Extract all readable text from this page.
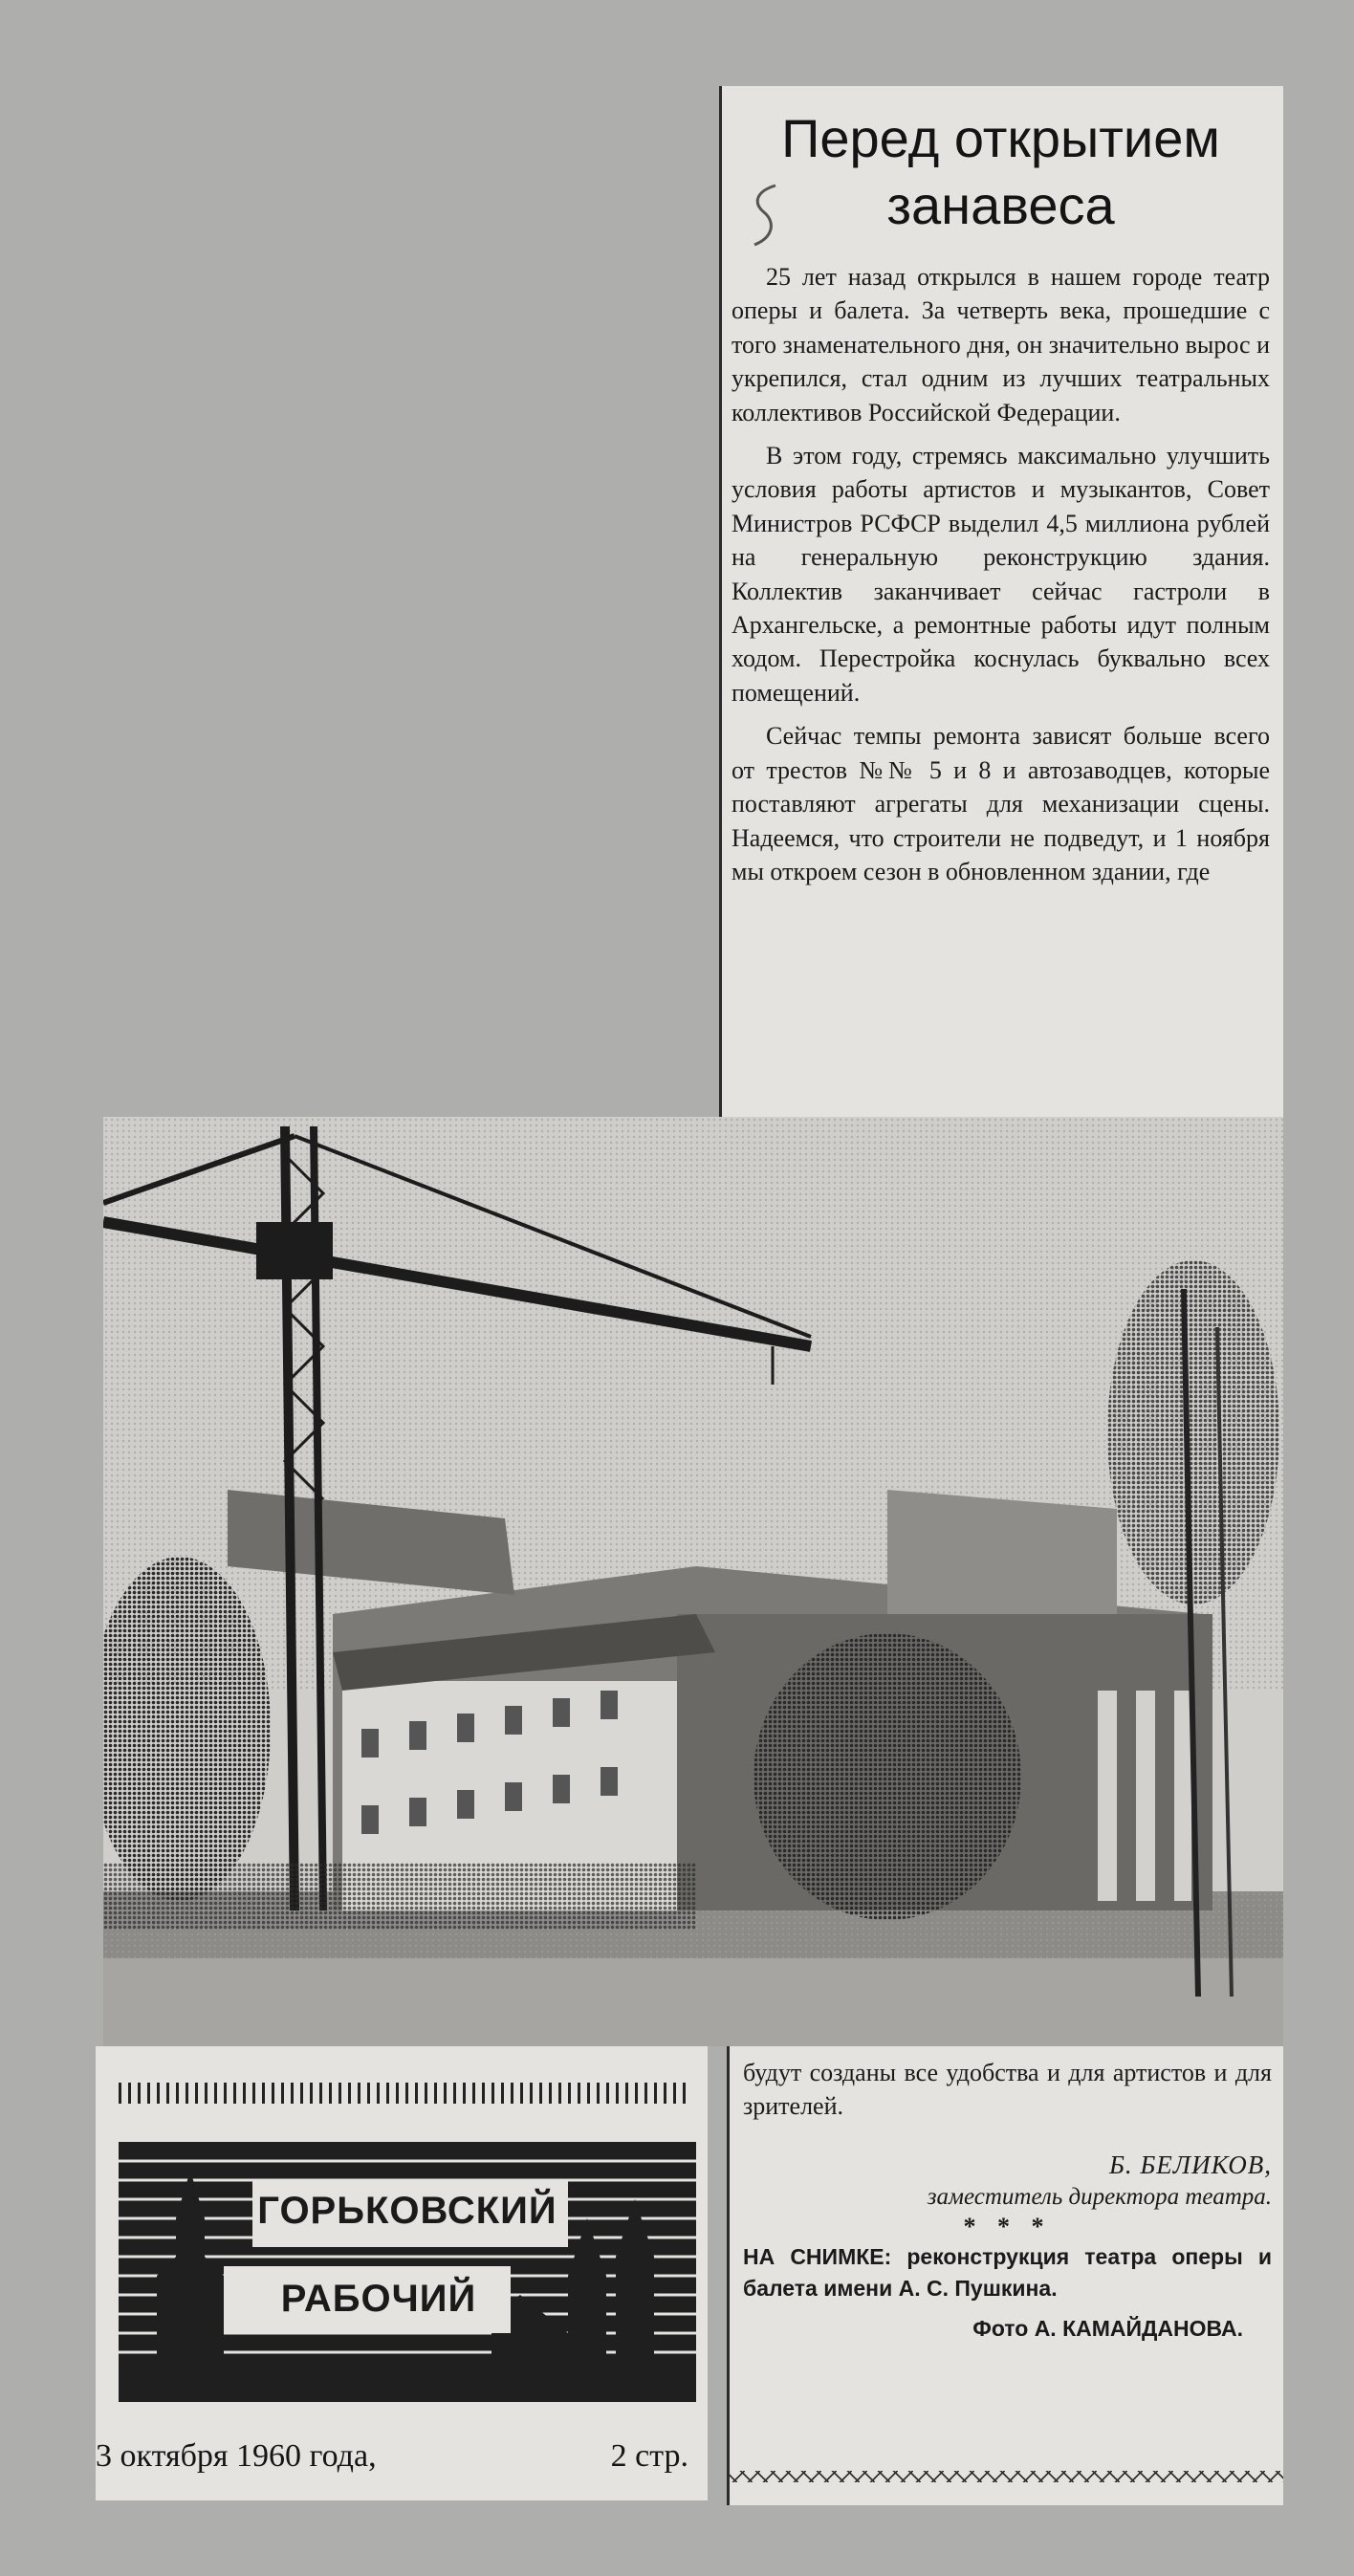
Перед открытием
занавеса

25 лет назад открылся в нашем городе театр оперы и балета. За четверть века, прошедшие с того знаменательного дня, он значительно вырос и укрепился, стал одним из лучших театральных коллективов Российской Федерации.

В этом году, стремясь максимально улучшить условия работы артистов и музыкантов, Совет Министров РСФСР выделил 4,5 миллиона рублей на генеральную реконструкцию здания. Коллектив заканчивает сейчас гастроли в Архангельске, а ремонтные работы идут полным ходом. Перестройка коснулась буквально всех помещений.

Сейчас темпы ремонта зависят больше всего от трестов №№ 5 и 8 и автозаводцев, которые поставляют агрегаты для механизации сцены. Надеемся, что строители не подведут, и 1 ноября мы откроем сезон в обновленном здании, где

ГОРЬКОВСКИЙ
РАБОЧИЙ
3 октября 1960 года,	2 стр.

будут созданы все удобства и для артистов и для зрителей.

Б. БЕЛИКОВ,

заместитель директора театра.

* * *

НА СНИМКЕ: реконструкция театра оперы и балета имени А. С. Пушкина.

Фото А. КАМАЙДАНОВА.
